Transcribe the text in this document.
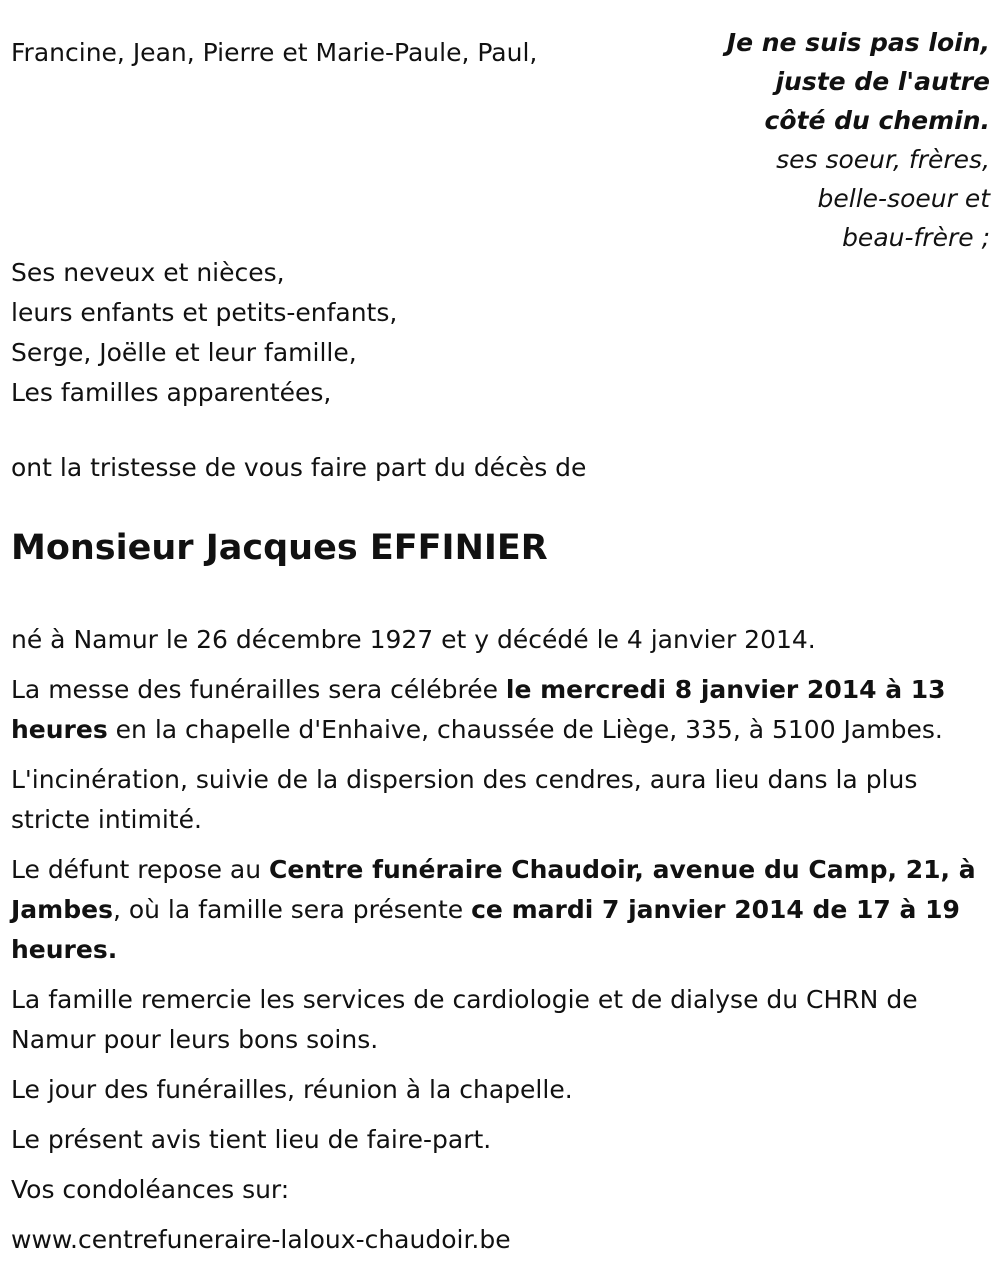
Francine, Jean, Pierre et Marie-Paule, Paul,	Je ne suis pas loin,
juste de l'autre
côté du chemin.
ses soeur, frères,
belle-soeur et
beau-frère ;
Ses neveux et nièces,
leurs enfants et petits-enfants,
Serge, Joëlle et leur famille,
Les familles apparentées,

ont la tristesse de vous faire part du décès de

Monsieur Jacques EFFINIER

né à Namur le 26 décembre 1927 et y décédé le 4 janvier 2014.

La messe des funérailles sera célébrée le mercredi 8 janvier 2014 à 13 heures en la chapelle d'Enhaive, chaussée de Liège, 335, à 5100 Jambes.

L'incinération, suivie de la dispersion des cendres, aura lieu dans la plus stricte intimité.

Le défunt repose au Centre funéraire Chaudoir, avenue du Camp, 21, à Jambes, où la famille sera présente ce mardi 7 janvier 2014 de 17 à 19 heures.

La famille remercie les services de cardiologie et de dialyse du CHRN de Namur pour leurs bons soins.

Le jour des funérailles, réunion à la chapelle.

Le présent avis tient lieu de faire-part.

Vos condoléances sur:

www.centrefuneraire-laloux-chaudoir.be
